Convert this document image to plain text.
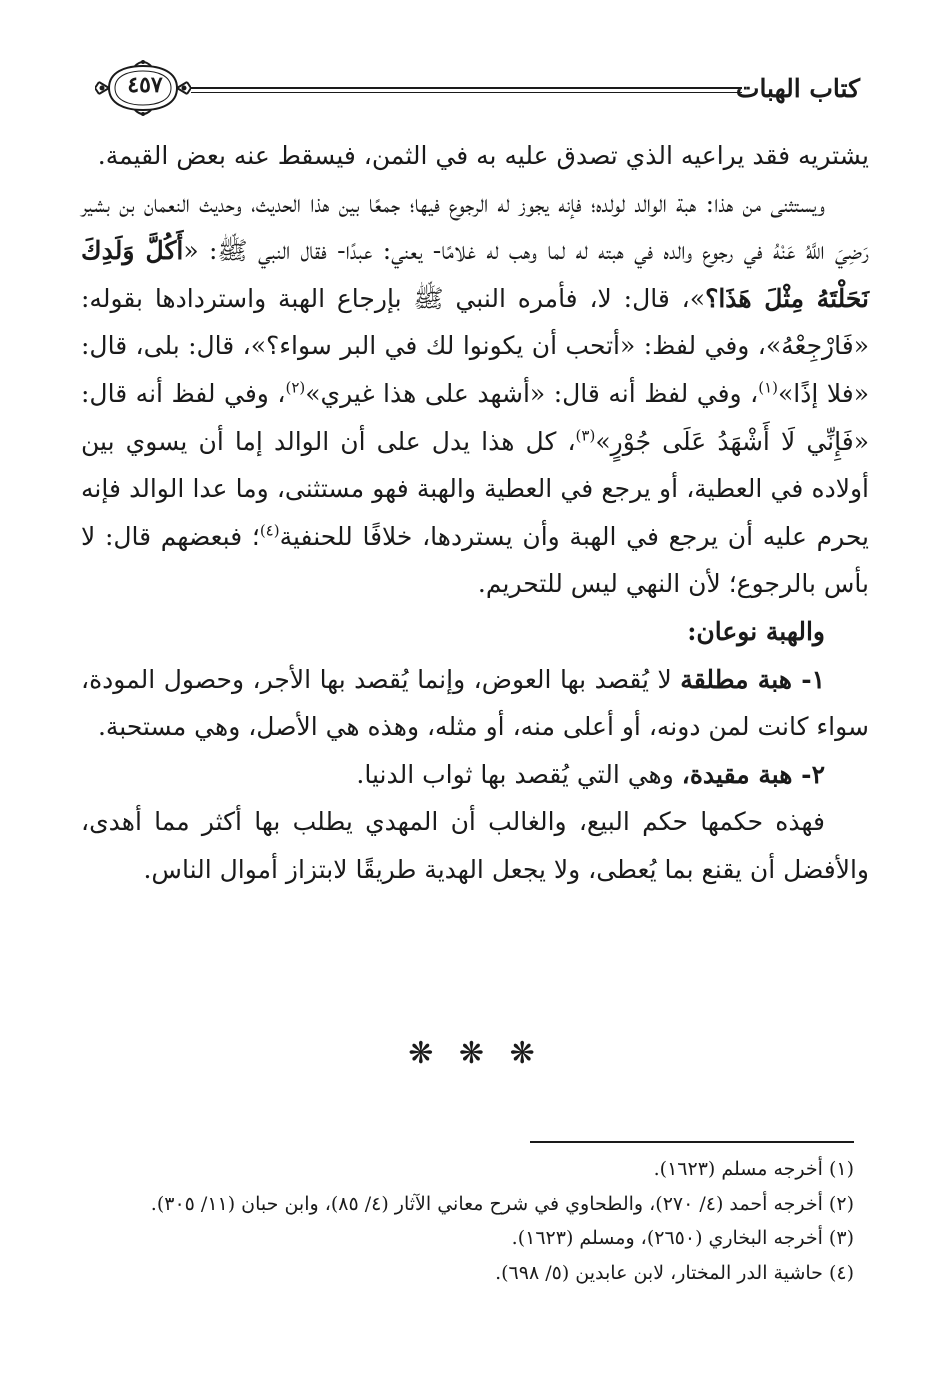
كتاب الهبات
٤٥٧

يشتريه فقد يراعيه الذي تصدق عليه به في الثمن، فيسقط عنه بعض القيمة.

ويستثنى من هذا: هبة الوالد لولده؛ فإنه يجوز له الرجوع فيها؛ جمعًا بين هذا الحديث، وحديث النعمان بن بشير رَضِيَ اللَّهُ عَنْهُ في رجوع والده في هبته له لما وهب له غلامًا- يعني: عبدًا- فقال النبي ﷺ: «أَكُلَّ وَلَدِكَ نَحَلْتَهُ مِثْلَ هَذَا؟»، قال: لا، فأمره النبي ﷺ بإرجاع الهبة واستردادها بقوله: «فَارْجِعْهُ»، وفي لفظ: «أتحب أن يكونوا لك في البر سواء؟»، قال: بلى، قال: «فلا إذًا»$^{(١)}$، وفي لفظ أنه قال: «أشهد على هذا غيري»$^{(٢)}$، وفي لفظ أنه قال: «فَإِنِّي لَا أَشْهَدُ عَلَى جُوْرٍ»$^{(٣)}$، كل هذا يدل على أن الوالد إما أن يسوي بين أولاده في العطية، أو يرجع في العطية والهبة فهو مستثنى، وما عدا الوالد فإنه يحرم عليه أن يرجع في الهبة وأن يستردها، خلافًا للحنفية$^{(٤)}$؛ فبعضهم قال: لا بأس بالرجوع؛ لأن النهي ليس للتحريم.

والهبة نوعان:

١- هبة مطلقة لا يُقصد بها العوض، وإنما يُقصد بها الأجر، وحصول المودة، سواء كانت لمن دونه، أو أعلى منه، أو مثله، وهذه هي الأصل، وهي مستحبة.

٢- هبة مقيدة، وهي التي يُقصد بها ثواب الدنيا.

فهذه حكمها حكم البيع، والغالب أن المهدي يطلب بها أكثر مما أهدى، والأفضل أن يقنع بما يُعطى، ولا يجعل الهدية طريقًا لابتزاز أموال الناس.

❋ ❋ ❋

(١) أخرجه مسلم (١٦٢٣).

(٢) أخرجه أحمد (٤/ ٢٧٠)، والطحاوي في شرح معاني الآثار (٤/ ٨٥)، وابن حبان (١١/ ٣٠٥).

(٣) أخرجه البخاري (٢٦٥٠)، ومسلم (١٦٢٣).

(٤) حاشية الدر المختار، لابن عابدين (٥/ ٦٩٨).
